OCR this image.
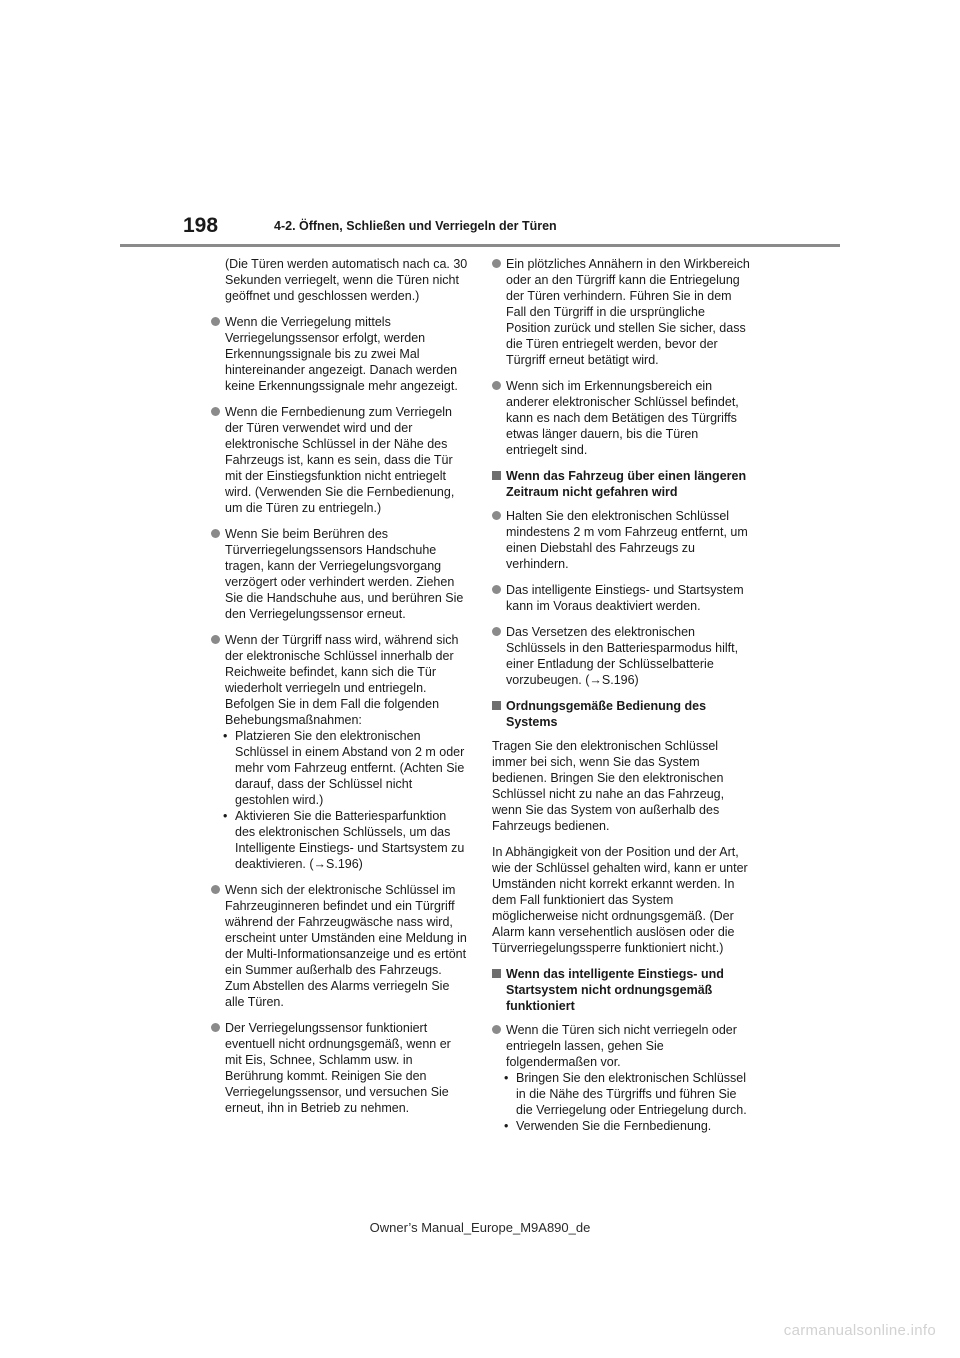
198	4-2. Öffnen, Schließen und Verriegeln der Türen

(Die Türen werden automatisch nach ca. 30 Sekunden verriegelt, wenn die Türen nicht geöffnet und geschlossen werden.)

Wenn die Verriegelung mittels Verriegelungssensor erfolgt, werden Erkennungssignale bis zu zwei Mal hintereinander angezeigt. Danach werden keine Erkennungssignale mehr angezeigt.
Wenn die Fernbedienung zum Verriegeln der Türen verwendet wird und der elektronische Schlüssel in der Nähe des Fahrzeugs ist, kann es sein, dass die Tür mit der Einstiegsfunktion nicht entriegelt wird. (Verwenden Sie die Fernbedienung, um die Türen zu entriegeln.)
Wenn Sie beim Berühren des Türverriegelungssensors Handschuhe tragen, kann der Verriegelungsvorgang verzögert oder verhindert werden. Ziehen Sie die Handschuhe aus, und berühren Sie den Verriegelungssensor erneut.
Wenn der Türgriff nass wird, während sich der elektronische Schlüssel innerhalb der Reichweite befindet, kann sich die Tür wiederholt verriegeln und entriegeln. Befolgen Sie in dem Fall die folgenden Behebungsmaßnahmen:

• Platzieren Sie den elektronischen Schlüssel in einem Abstand von 2 m oder mehr vom Fahrzeug entfernt. (Achten Sie darauf, dass der Schlüssel nicht gestohlen wird.)

• Aktivieren Sie die Batteriesparfunktion des elektronischen Schlüssels, um das Intelligente Einstiegs- und Startsystem zu deaktivieren. (→S.196)

Wenn sich der elektronische Schlüssel im Fahrzeuginneren befindet und ein Türgriff während der Fahrzeugwäsche nass wird, erscheint unter Umständen eine Meldung in der Multi-Informationsanzeige und es ertönt ein Summer außerhalb des Fahrzeugs. Zum Abstellen des Alarms verriegeln Sie alle Türen.
Der Verriegelungssensor funktioniert eventuell nicht ordnungsgemäß, wenn er mit Eis, Schnee, Schlamm usw. in Berührung kommt. Reinigen Sie den Verriegelungssensor, und versuchen Sie erneut, ihn in Betrieb zu nehmen.
Ein plötzliches Annähern in den Wirkbereich oder an den Türgriff kann die Entriegelung der Türen verhindern. Führen Sie in dem Fall den Türgriff in die ursprüngliche Position zurück und stellen Sie sicher, dass die Türen entriegelt werden, bevor der Türgriff erneut betätigt wird.
Wenn sich im Erkennungsbereich ein anderer elektronischer Schlüssel befindet, kann es nach dem Betätigen des Türgriffs etwas länger dauern, bis die Türen entriegelt sind.
Wenn das Fahrzeug über einen längeren Zeitraum nicht gefahren wird
Halten Sie den elektronischen Schlüssel mindestens 2 m vom Fahrzeug entfernt, um einen Diebstahl des Fahrzeugs zu verhindern.
Das intelligente Einstiegs- und Startsystem kann im Voraus deaktiviert werden.
Das Versetzen des elektronischen Schlüssels in den Batteriesparmodus hilft, einer Entladung der Schlüsselbatterie vorzubeugen. (→S.196)
Ordnungsgemäße Bedienung des Systems

Tragen Sie den elektronischen Schlüssel immer bei sich, wenn Sie das System bedienen. Bringen Sie den elektronischen Schlüssel nicht zu nahe an das Fahrzeug, wenn Sie das System von außerhalb des Fahrzeugs bedienen.

In Abhängigkeit von der Position und der Art, wie der Schlüssel gehalten wird, kann er unter Umständen nicht korrekt erkannt werden. In dem Fall funktioniert das System möglicherweise nicht ordnungsgemäß. (Der Alarm kann versehentlich auslösen oder die Türverriegelungssperre funktioniert nicht.)

Wenn das intelligente Einstiegs- und Startsystem nicht ordnungsgemäß funktioniert
Wenn die Türen sich nicht verriegeln oder entriegeln lassen, gehen Sie folgendermaßen vor.

• Bringen Sie den elektronischen Schlüssel in die Nähe des Türgriffs und führen Sie die Verriegelung oder Entriegelung durch.

• Verwenden Sie die Fernbedienung.

Owner’s Manual_Europe_M9A890_de
carmanualsonline.info
